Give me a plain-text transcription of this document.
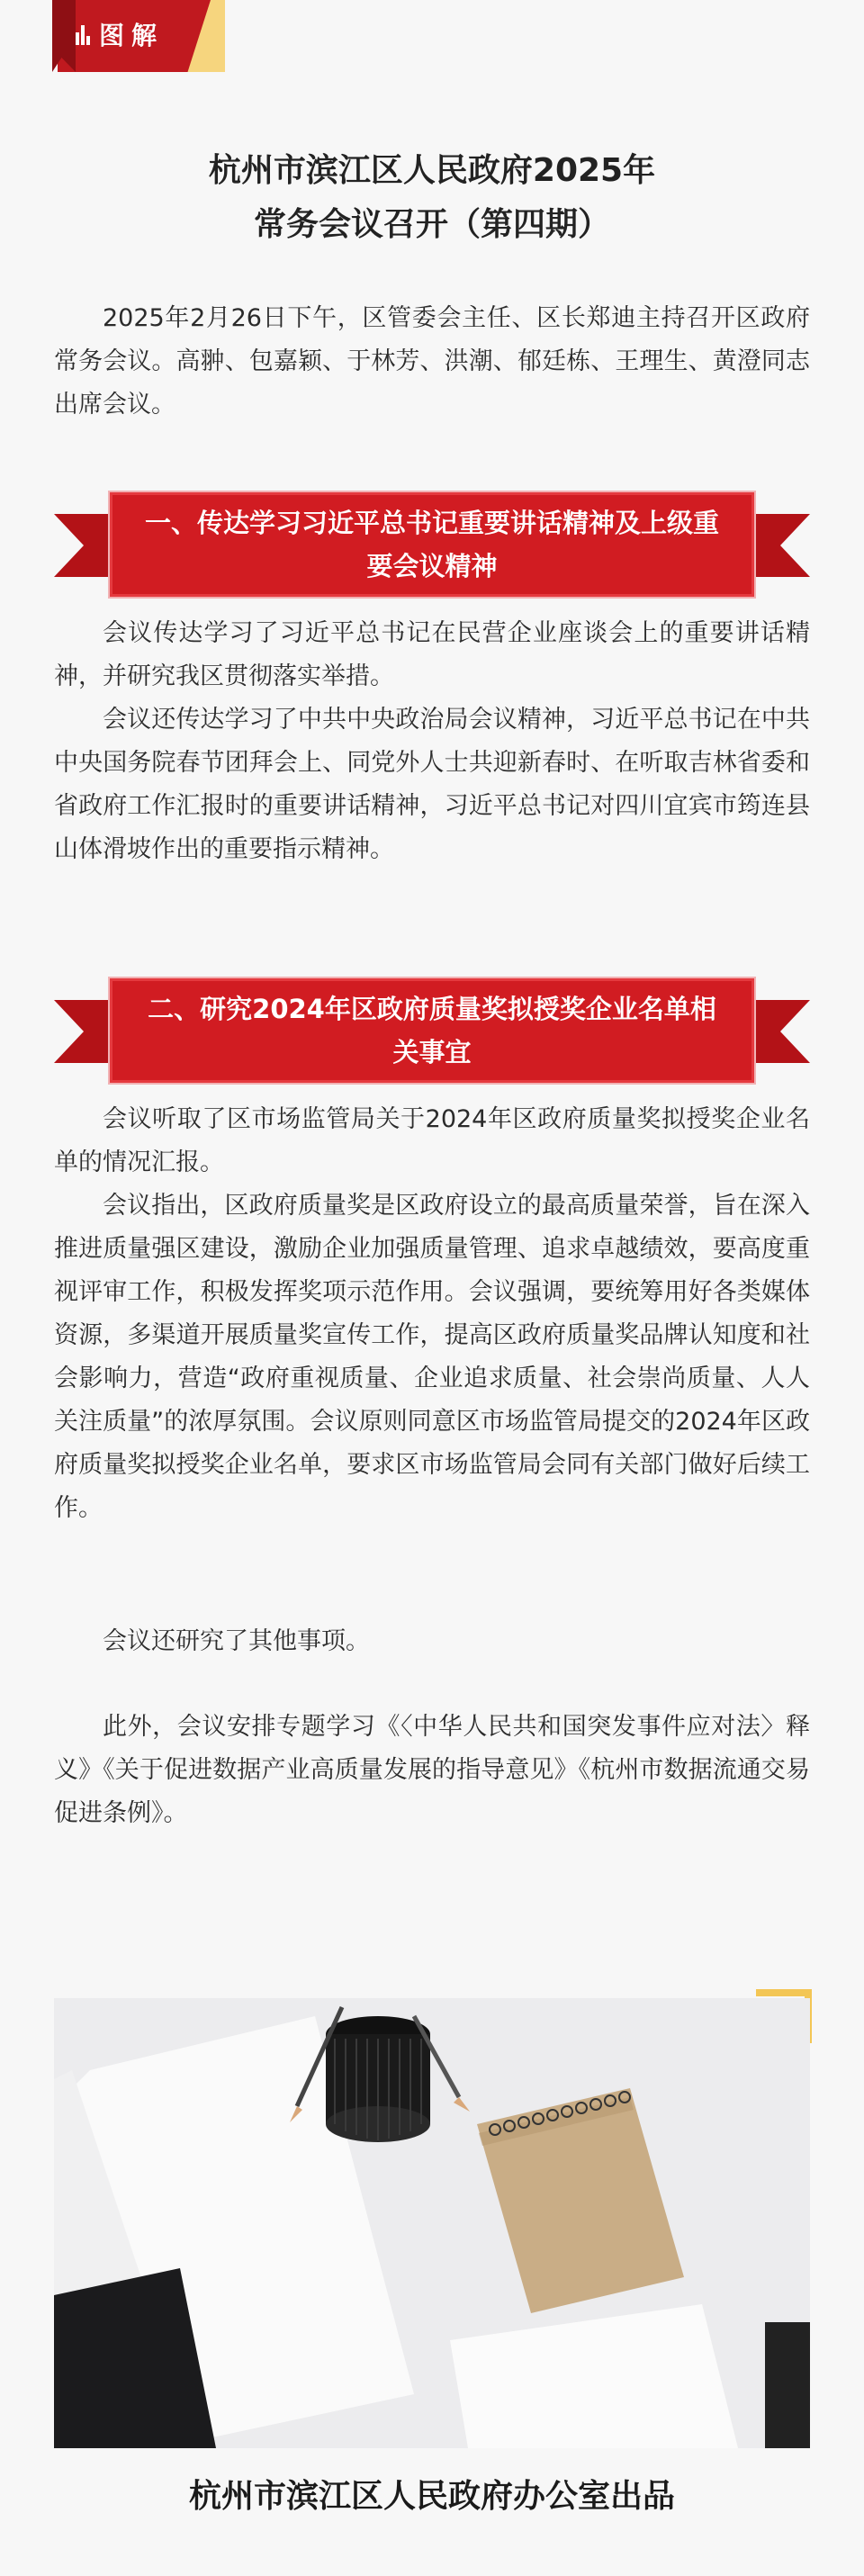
图解
杭州市滨江区人民政府2025年
常务会议召开（第四期）

2025年2月26日下午，区管委会主任、区长郑迪主持召开区政府常务会议。高翀、包嘉颖、于林芳、洪潮、郁廷栋、王理生、黄澄同志出席会议。

一、传达学习习近平总书记重要讲话精神及上级重要会议精神

会议传达学习了习近平总书记在民营企业座谈会上的重要讲话精神，并研究我区贯彻落实举措。

会议还传达学习了中共中央政治局会议精神，习近平总书记在中共中央国务院春节团拜会上、同党外人士共迎新春时、在听取吉林省委和省政府工作汇报时的重要讲话精神，习近平总书记对四川宜宾市筠连县山体滑坡作出的重要指示精神。

二、研究2024年区政府质量奖拟授奖企业名单相关事宜

会议听取了区市场监管局关于2024年区政府质量奖拟授奖企业名单的情况汇报。

会议指出，区政府质量奖是区政府设立的最高质量荣誉，旨在深入推进质量强区建设，激励企业加强质量管理、追求卓越绩效，要高度重视评审工作，积极发挥奖项示范作用。会议强调，要统筹用好各类媒体资源，多渠道开展质量奖宣传工作，提高区政府质量奖品牌认知度和社会影响力，营造“政府重视质量、企业追求质量、社会崇尚质量、人人关注质量”的浓厚氛围。会议原则同意区市场监管局提交的2024年区政府质量奖拟授奖企业名单，要求区市场监管局会同有关部门做好后续工作。

会议还研究了其他事项。

此外，会议安排专题学习《〈中华人民共和国突发事件应对法〉释义》《关于促进数据产业高质量发展的指导意见》《杭州市数据流通交易促进条例》。

杭州市滨江区人民政府办公室出品
